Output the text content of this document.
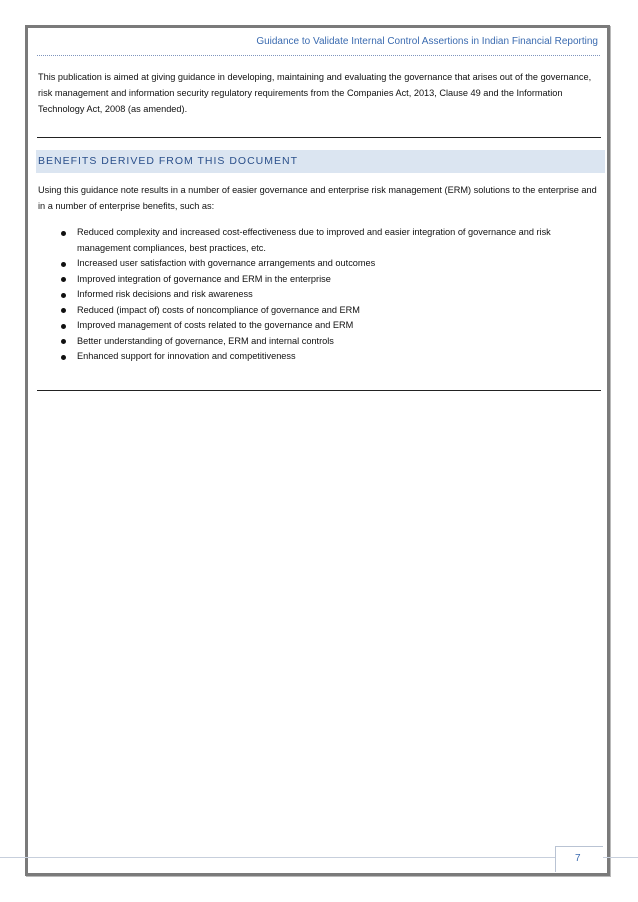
Guidance to Validate Internal Control Assertions in Indian Financial Reporting

This publication is aimed at giving guidance in developing, maintaining and evaluating the governance that arises out of the governance, risk management and information security regulatory requirements from the Companies Act, 2013, Clause 49 and the Information Technology Act, 2008 (as amended).

BENEFITS DERIVED FROM THIS DOCUMENT

Using this guidance note results in a number of easier governance and enterprise risk management (ERM) solutions to the enterprise and in a number of enterprise benefits, such as:

Reduced complexity and increased cost-effectiveness due to improved and easier integration of governance and risk management compliances, best practices, etc.
Increased user satisfaction with governance arrangements and outcomes
Improved integration of governance and ERM in the enterprise
Informed risk decisions and risk awareness
Reduced (impact of) costs of noncompliance of governance and ERM
Improved management of costs related to the governance and ERM
Better understanding of governance, ERM and internal controls
Enhanced support for innovation and competitiveness
7
